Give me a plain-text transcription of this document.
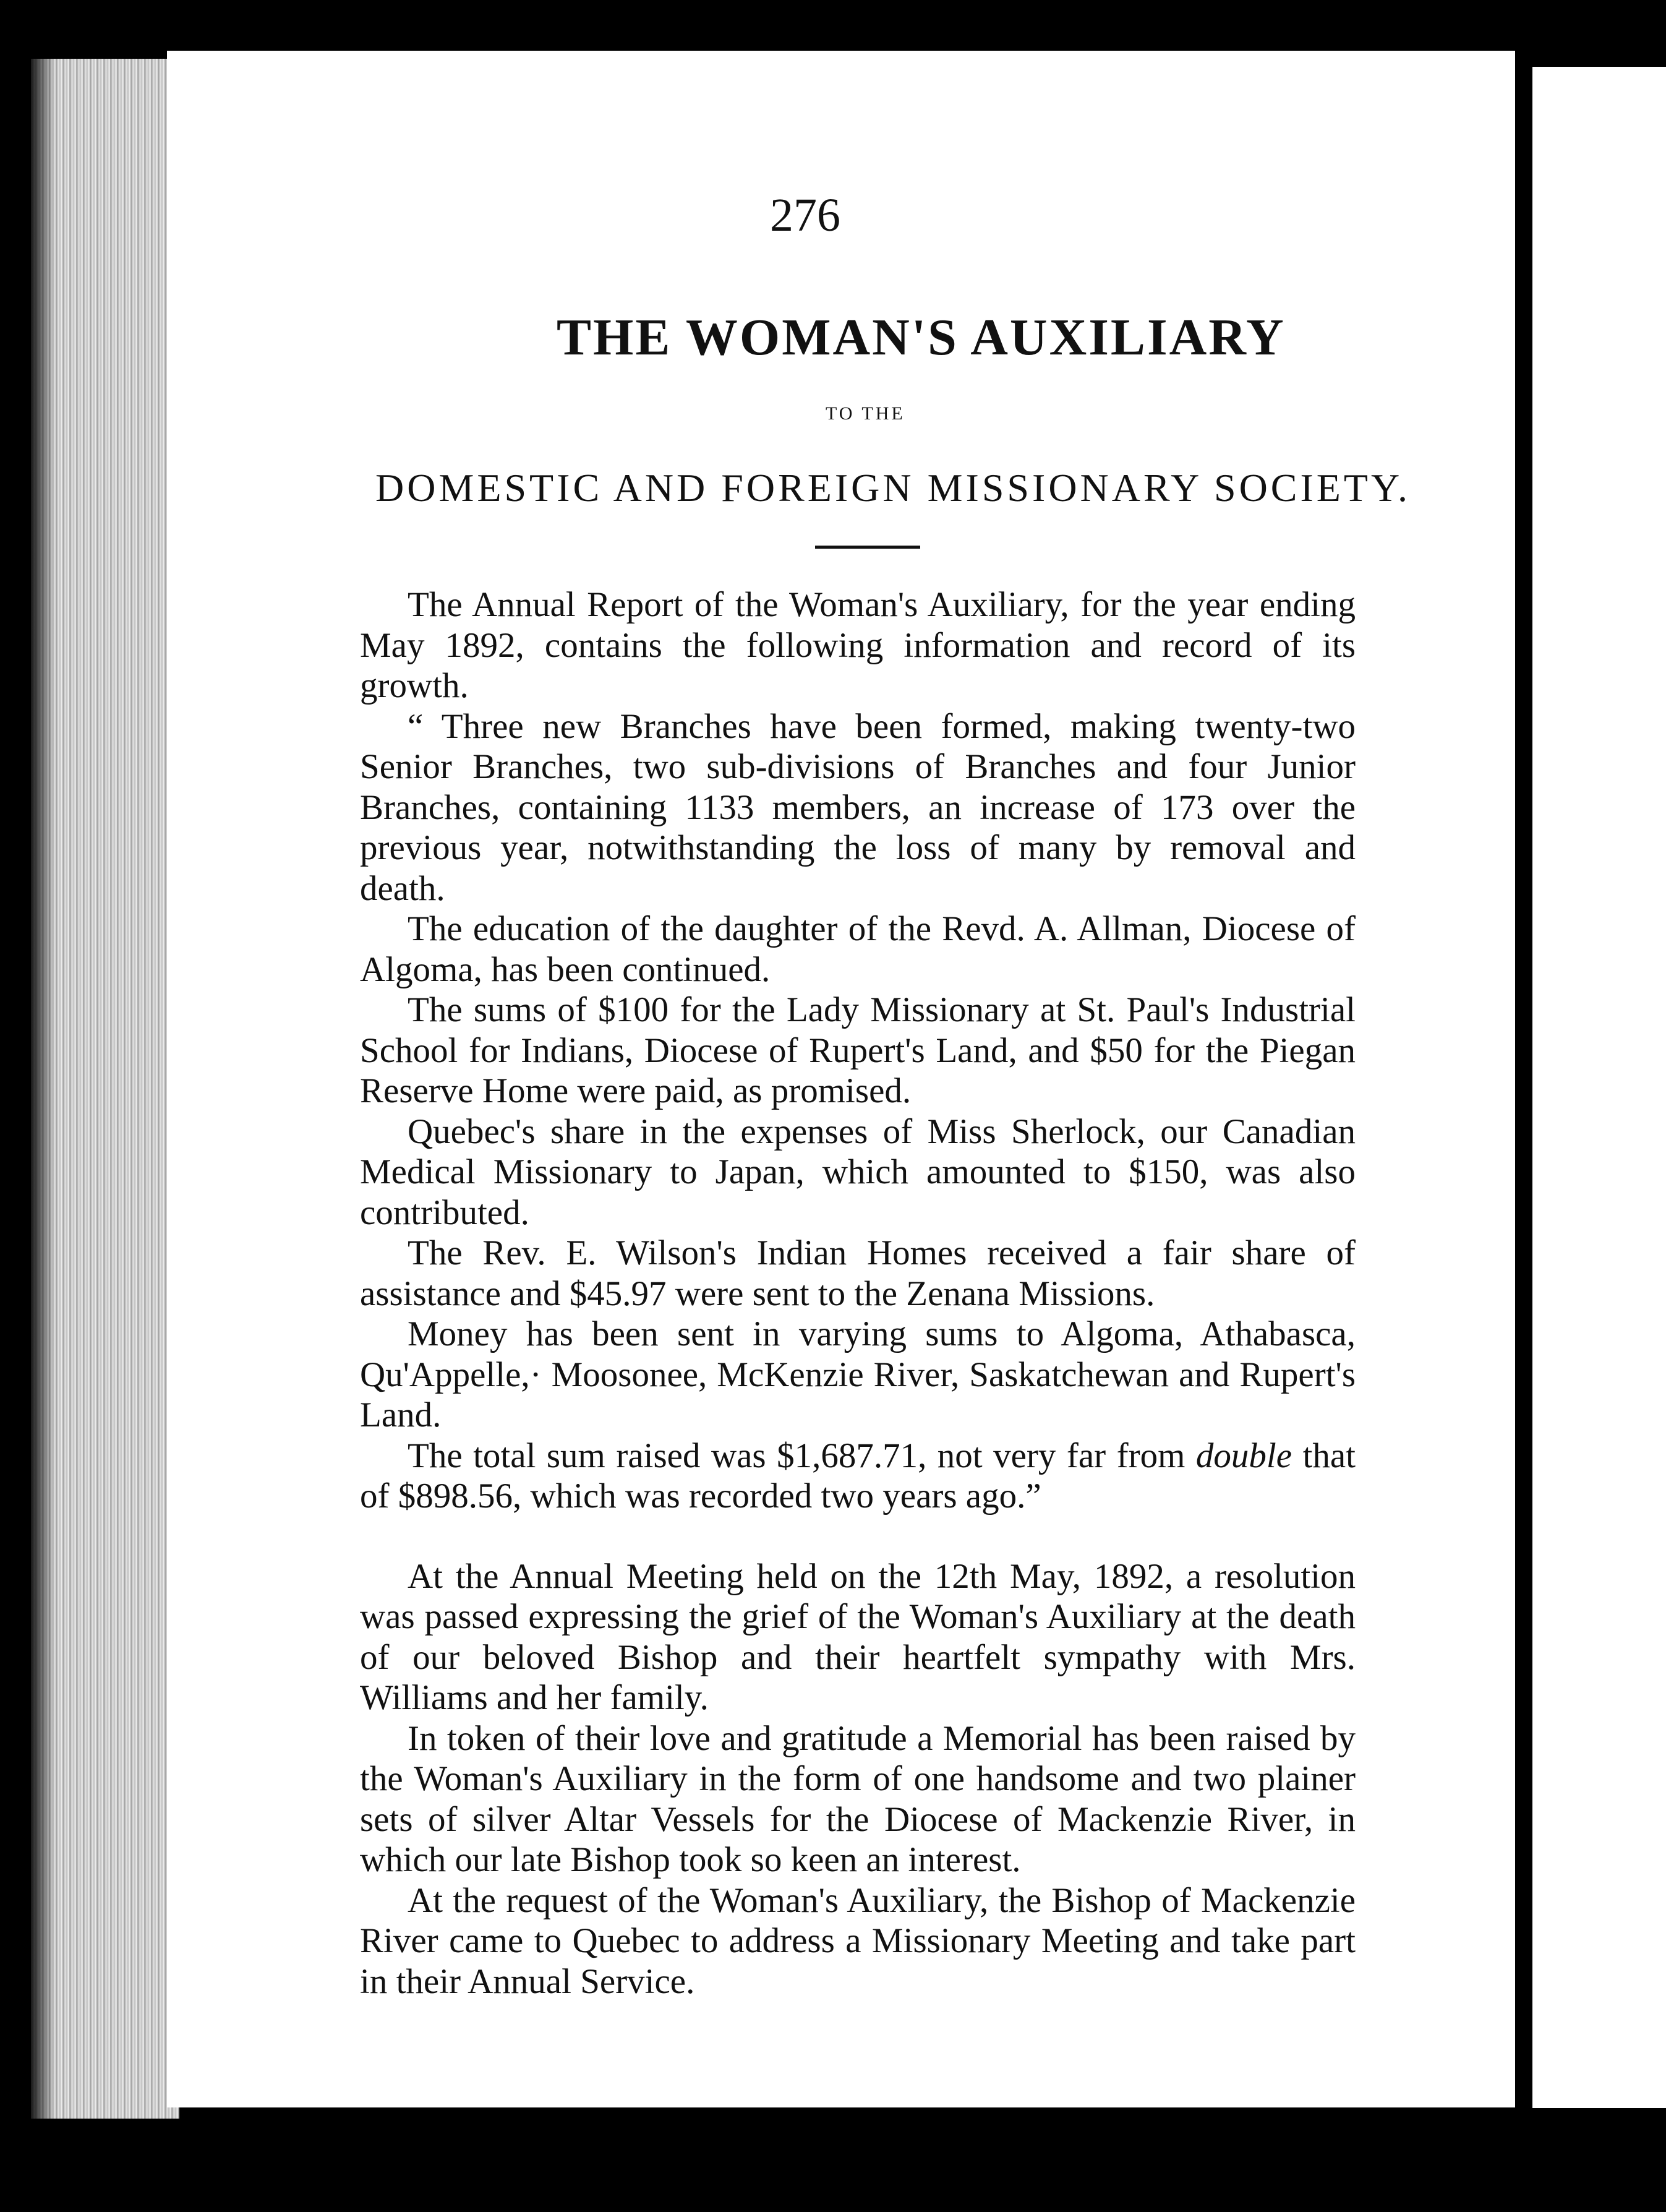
276
THE WOMAN'S AUXILIARY
TO THE
DOMESTIC AND FOREIGN MISSIONARY SOCIETY.

The Annual Report of the Woman's Auxiliary, for the year ending May 1892, contains the following information and record of its growth.

“ Three new Branches have been formed, making twenty-two Senior Branches, two sub-divisions of Branches and four Junior Branches, containing 1133 members, an increase of 173 over the previous year, notwithstanding the loss of many by removal and death.

The education of the daughter of the Revd. A. Allman, Diocese of Algoma, has been continued.

The sums of $100 for the Lady Missionary at St. Paul's Industrial School for Indians, Diocese of Rupert's Land, and $50 for the Piegan Reserve Home were paid, as promised.

Quebec's share in the expenses of Miss Sherlock, our Canadian Medical Missionary to Japan, which amounted to $150, was also contributed.

The Rev. E. Wilson's Indian Homes received a fair share of assistance and $45.97 were sent to the Zenana Missions.

Money has been sent in varying sums to Algoma, Athabasca, Qu'Appelle,· Moosonee, McKenzie River, Saskatchewan and Rupert's Land.

The total sum raised was $1,687.71, not very far from double that of $898.56, which was recorded two years ago.”

At the Annual Meeting held on the 12th May, 1892, a resolution was passed expressing the grief of the Woman's Auxiliary at the death of our beloved Bishop and their heartfelt sympathy with Mrs. Williams and her family.

In token of their love and gratitude a Memorial has been raised by the Woman's Auxiliary in the form of one handsome and two plainer sets of silver Altar Vessels for the Diocese of Mackenzie River, in which our late Bishop took so keen an interest.

At the request of the Woman's Auxiliary, the Bishop of Mackenzie River came to Quebec to address a Missionary Meeting and take part in their Annual Service.
